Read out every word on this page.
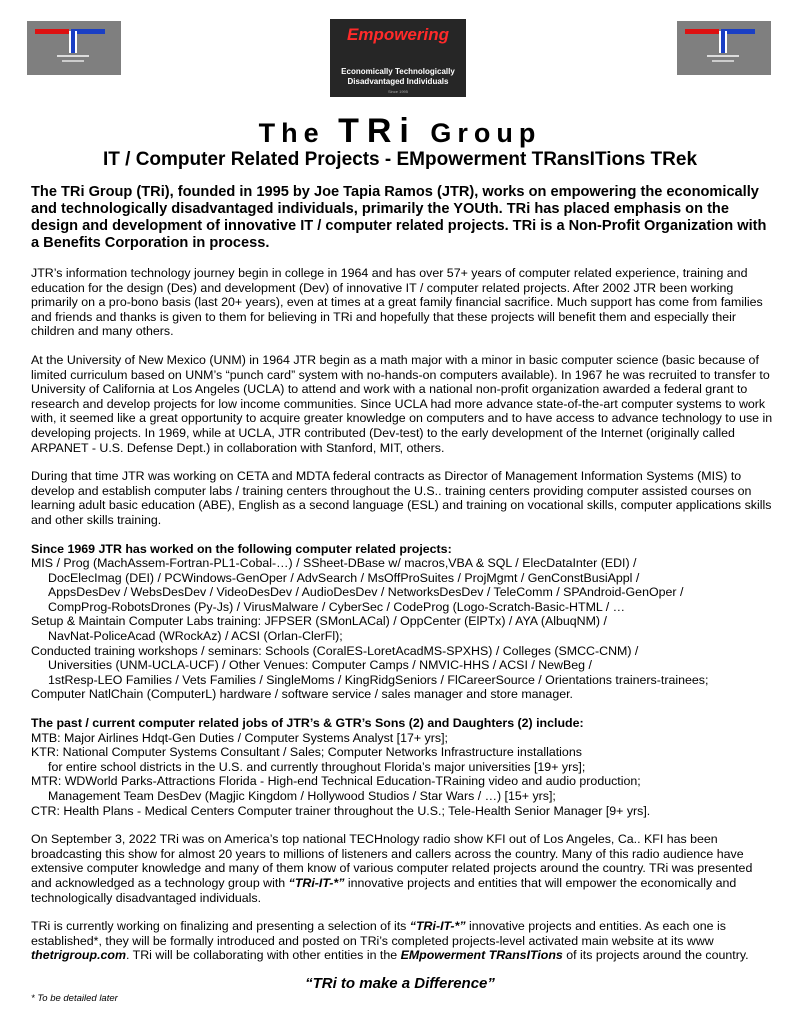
Empowering
Economically Technologically
Disadvantaged Individuals
Since 1995
The TRi Group
IT / Computer Related Projects - EMpowerment TRansITions TRek

The TRi Group (TRi), founded in 1995 by Joe Tapia Ramos (JTR), works on empowering the economically and technologically disadvantaged individuals, primarily the YOUth. TRi has placed emphasis on the design and development of innovative IT / computer related projects. TRi is a Non-Profit Organization with a Benefits Corporation in process.

JTR’s information technology journey begin in college in 1964 and has over 57+ years of computer related experience, training and education for the design (Des) and development (Dev) of innovative IT / computer related projects. After 2002 JTR been working primarily on a pro-bono basis (last 20+ years), even at times at a great family financial sacrifice. Much support has come from families and friends and thanks is given to them for believing in TRi and hopefully that these projects will benefit them and especially their children and many others.

At the University of New Mexico (UNM) in 1964 JTR begin as a math major with a minor in basic computer science (basic because of limited curriculum based on UNM’s “punch card” system with no-hands-on computers available). In 1967 he was recruited to transfer to University of California at Los Angeles (UCLA) to attend and work with a national non-profit organization awarded a federal grant to research and develop projects for low income communities. Since UCLA had more advance state-of-the-art computer systems to work with, it seemed like a great opportunity to acquire greater knowledge on computers and to have access to advance technology to use in developing projects. In 1969, while at UCLA, JTR contributed (Dev-test) to the early development of the Internet (originally called ARPANET - U.S. Defense Dept.) in collaboration with Stanford, MIT, others.

During that time JTR was working on CETA and MDTA federal contracts as Director of Management Information Systems (MIS) to develop and establish computer labs / training centers throughout the U.S.. training centers providing computer assisted courses on learning adult basic education (ABE), English as a second language (ESL) and training on vocational skills, computer applications skills and other skills training.

Since 1969 JTR has worked on the following computer related projects:
MIS / Prog (MachAssem-Fortran-PL1-Cobal-…) / SSheet-DBase w/ macros,VBA & SQL / ElecDataInter (EDI) /
DocElecImag (DEI) / PCWindows-GenOper / AdvSearch / MsOffProSuites / ProjMgmt / GenConstBusiAppl /
AppsDesDev / WebsDesDev / VideoDesDev / AudioDesDev / NetworksDesDev / TeleComm / SPAndroid-GenOper /
CompProg-RobotsDrones (Py-Js) / VirusMalware / CyberSec / CodeProg (Logo-Scratch-Basic-HTML / …
Setup & Maintain Computer Labs training: JFPSER (SMonLACal) / OppCenter (ElPTx) / AYA (AlbuqNM) /
NavNat-PoliceAcad (WRockAz) / ACSI (Orlan-ClerFl);
Conducted training workshops / seminars: Schools (CoralES-LoretAcadMS-SPXHS) / Colleges (SMCC-CNM) /
Universities (UNM-UCLA-UCF) / Other Venues: Computer Camps / NMVIC-HHS / ACSI / NewBeg /
1stResp-LEO Families / Vets Families / SingleMoms / KingRidgSeniors / FlCareerSource / Orientations trainers-trainees;
Computer NatlChain (ComputerL) hardware / software service / sales manager and store manager.
The past / current computer related jobs of JTR’s & GTR’s Sons (2) and Daughters (2) include:
MTB: Major Airlines Hdqt-Gen Duties / Computer Systems Analyst [17+ yrs];
KTR: National Computer Systems Consultant / Sales; Computer Networks Infrastructure installations
for entire school districts in the U.S. and currently throughout Florida’s major universities [19+ yrs];
MTR: WDWorld Parks-Attractions Florida - High-end Technical Education-TRaining video and audio production;
Management Team DesDev (Magjic Kingdom / Hollywood Studios / Star Wars / …) [15+ yrs];
CTR: Health Plans - Medical Centers Computer trainer throughout the U.S.; Tele-Health Senior Manager [9+ yrs].

On September 3, 2022 TRi was on America’s top national TECHnology radio show KFI out of Los Angeles, Ca.. KFI has been broadcasting this show for almost 20 years to millions of listeners and callers across the country. Many of this radio audience have extensive computer knowledge and many of them know of various computer related projects around the country. TRi was presented and acknowledged as a technology group with “TRi-IT-*” innovative projects and entities that will empower the economically and technologically disadvantaged individuals.

TRi is currently working on finalizing and presenting a selection of its “TRi-IT-*” innovative projects and entities. As each one is established*, they will be formally introduced and posted on TRi’s completed projects-level activated main website at its www thetrigroup.com. TRi will be collaborating with other entities in the EMpowerment TRansITions of its projects around the country.

“TRi to make a Difference”
* To be detailed later
